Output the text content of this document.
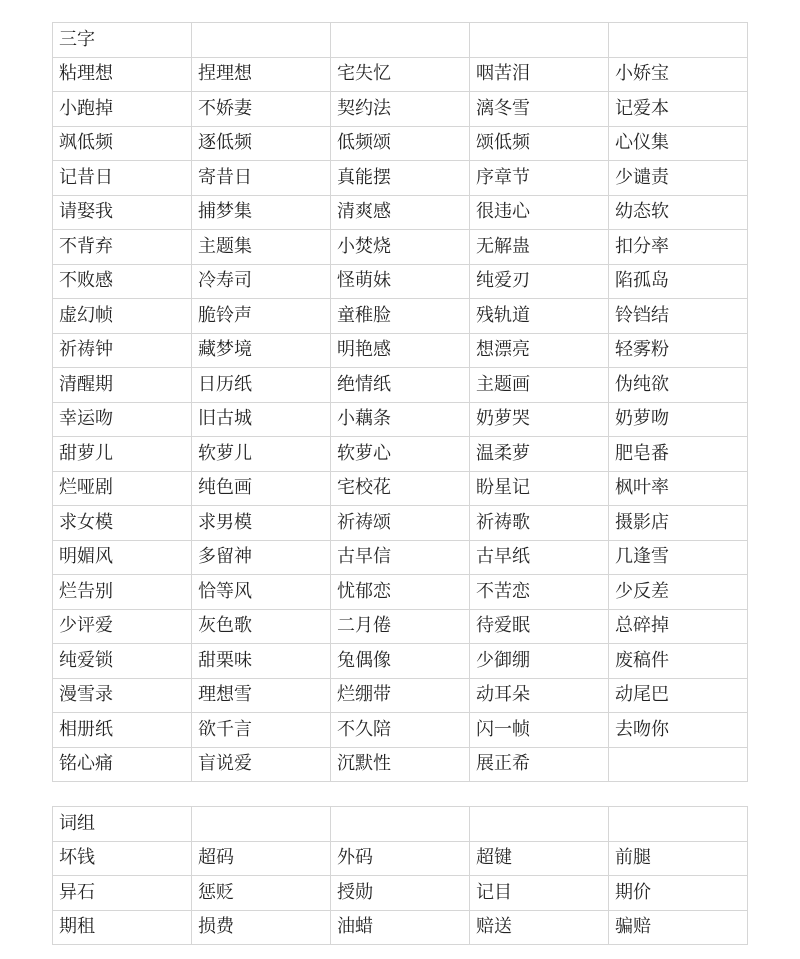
三字				
粘理想	捏理想	宅失忆	咽苦泪	小娇宝
小跑掉	不娇妻	契约法	漓冬雪	记爱本
飒低频	逐低频	低频颂	颂低频	心仪集
记昔日	寄昔日	真能摆	序章节	少谴责
请娶我	捕梦集	清爽感	很违心	幼态软
不背弃	主题集	小焚烧	无解蛊	扣分率
不败感	冷寿司	怪萌妹	纯爱刃	陷孤岛
虚幻帧	脆铃声	童稚脸	残轨道	铃铛结
祈祷钟	藏梦境	明艳感	想漂亮	轻雾粉
清醒期	日历纸	绝情纸	主题画	伪纯欲
幸运吻	旧古城	小藕条	奶萝哭	奶萝吻
甜萝儿	软萝儿	软萝心	温柔萝	肥皂番
烂哑剧	纯色画	宅校花	盼星记	枫叶率
求女模	求男模	祈祷颂	祈祷歌	摄影店
明媚风	多留神	古早信	古早纸	几逢雪
烂告别	恰等风	忧郁恋	不苦恋	少反差
少评爱	灰色歌	二月倦	待爱眠	总碎掉
纯爱锁	甜栗味	兔偶像	少御绷	废稿件
漫雪录	理想雪	烂绷带	动耳朵	动尾巴
相册纸	欲千言	不久陪	闪一帧	去吻你
铭心痛	盲说爱	沉默性	展正希	
词组				
坏钱	超码	外码	超键	前腿
异石	惩贬	授勋	记目	期价
期租	损费	油蜡	赔送	骗赔
